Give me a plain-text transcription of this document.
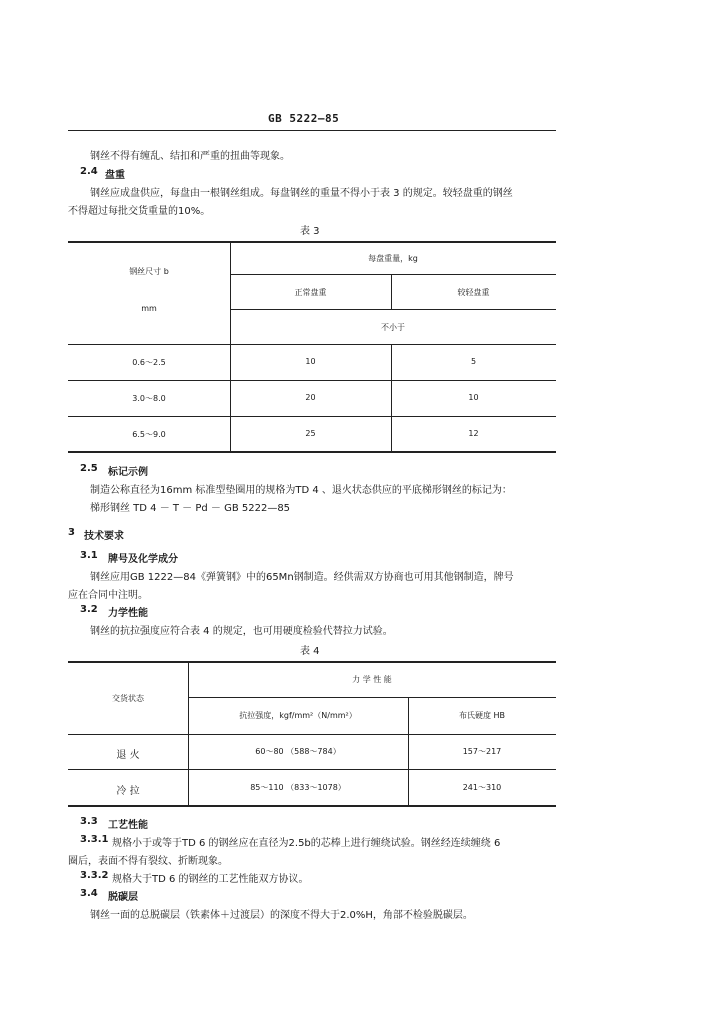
GB 5222—85
钢丝不得有缠乱、结扣和严重的扭曲等现象。
2.4 盘重
钢丝应成盘供应，每盘由一根钢丝组成。每盘钢丝的重量不得小于表 3 的规定。较轻盘重的钢丝
不得超过每批交货重量的10%。
表 3
钢丝尺寸 b
mm
每盘重量，kg
正常盘重	较轻盘重
不小于
0.6～2.5	10	5
3.0～8.0	20	10
6.5～9.0	25	12
2.5 标记示例
制造公称直径为16mm 标准型垫圈用的规格为TD 4 、退火状态供应的平底梯形钢丝的标记为：
梯形钢丝 TD 4 － T － Pd － GB 5222—85
3 技术要求
3.1 牌号及化学成分
钢丝应用GB 1222—84《弹簧钢》中的65Mn钢制造。经供需双方协商也可用其他钢制造，牌号
应在合同中注明。
3.2 力学性能
钢丝的抗拉强度应符合表 4 的规定，也可用硬度检验代替拉力试验。
表 4
交货状态
力 学 性 能
抗拉强度，kgf/mm²（N/mm²）	布氏硬度 HB
退 火	60～80 （588～784）	157～217
冷 拉	85～110 （833～1078）	241～310
3.3 工艺性能
3.3.1 规格小于或等于TD 6 的钢丝应在直径为2.5b的芯棒上进行缠绕试验。钢丝经连续缠绕 6
圈后，表面不得有裂纹、折断现象。
3.3.2 规格大于TD 6 的钢丝的工艺性能双方协议。
3.4 脱碳层
钢丝一面的总脱碳层（铁素体＋过渡层）的深度不得大于2.0%H，角部不检验脱碳层。
